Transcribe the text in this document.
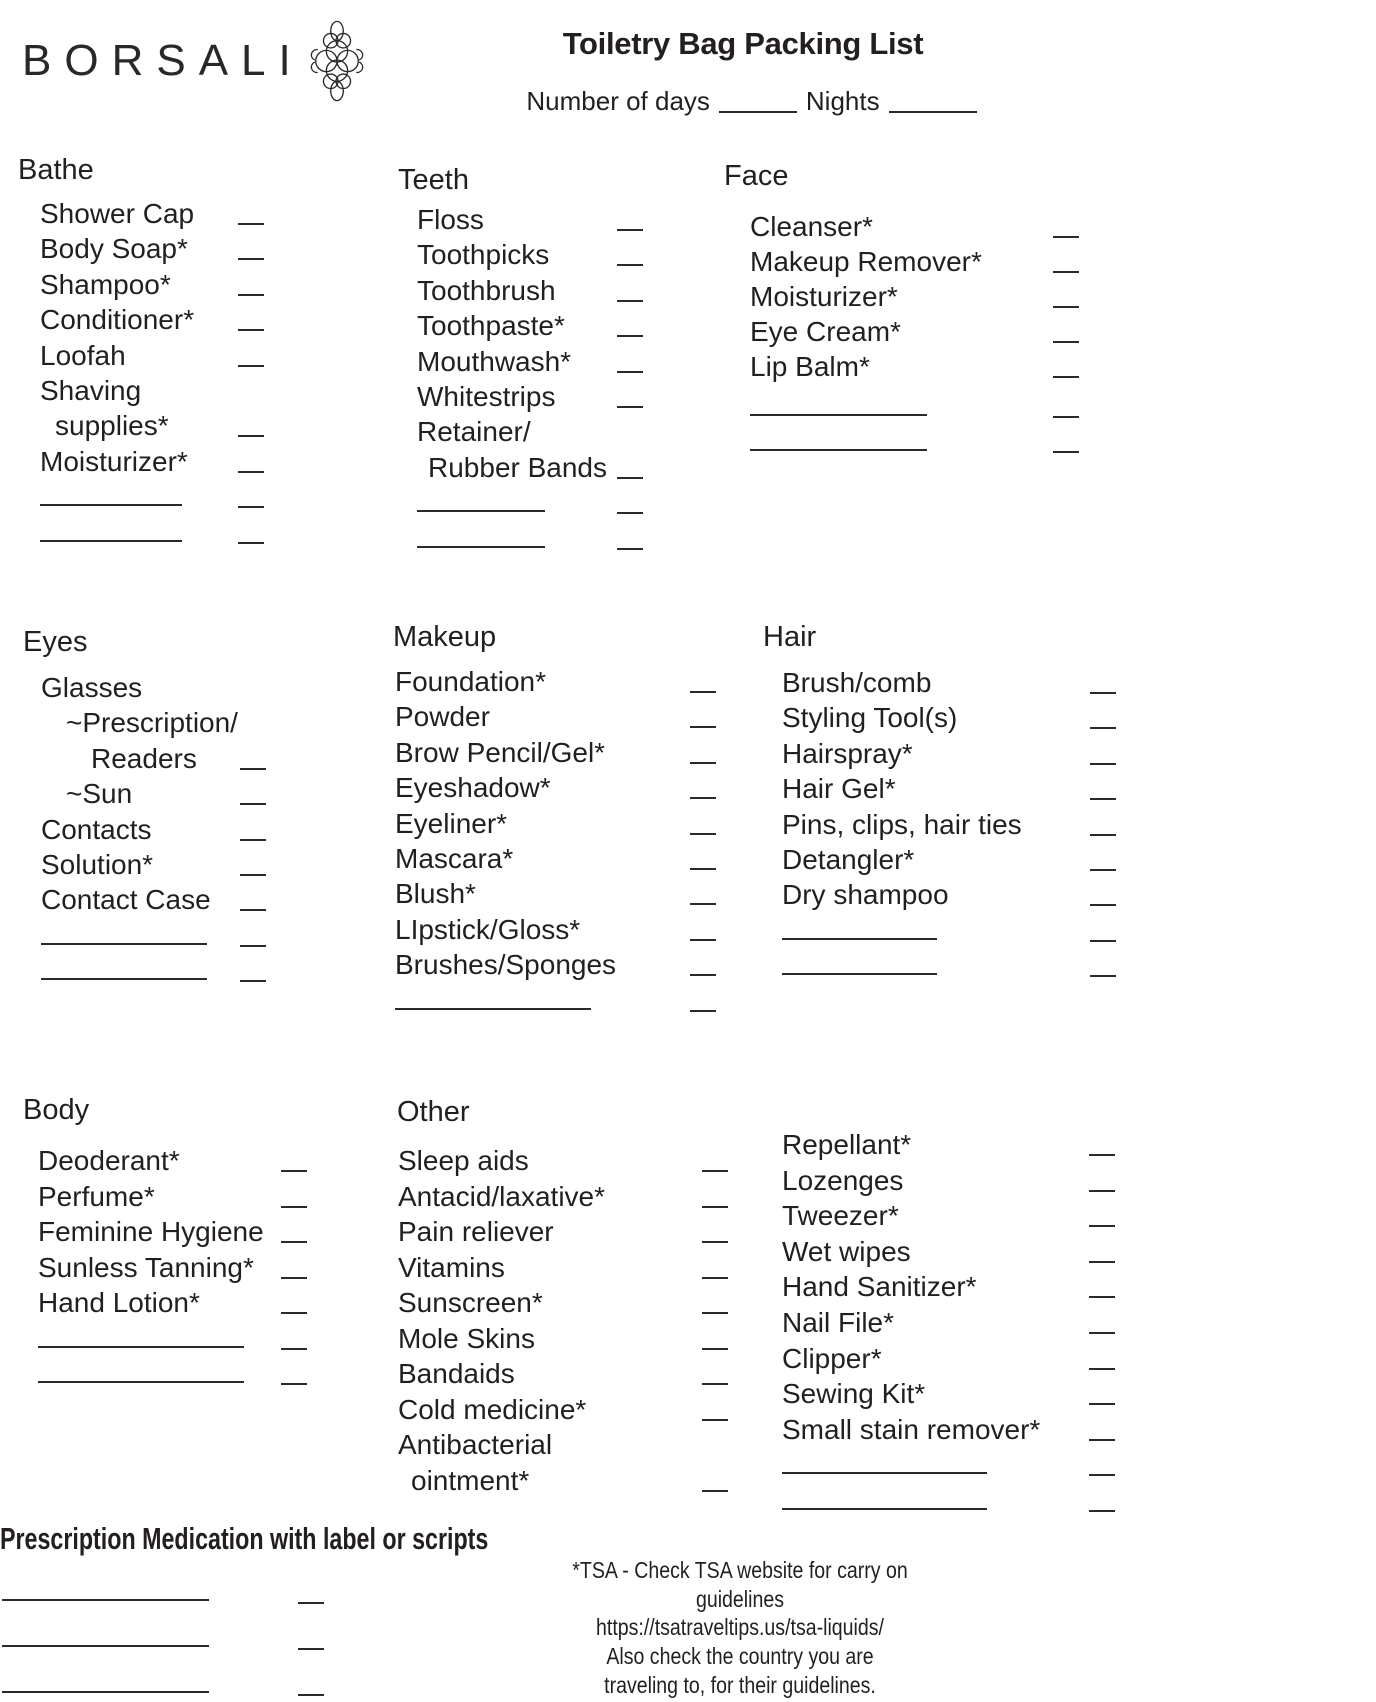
BORSALI	Toiletry Bag Packing List
Number of days	Nights
Prescription Medication with label or scripts
*TSA - Check TSA website for carry on guidelines
https://tsatraveltips.us/tsa-liquids/
Also check the country you are
traveling to, for their guidelines.
Bathe
Shower Cap
Body Soap*
Shampoo*
Conditioner*
Loofah
Shaving
supplies*
Moisturizer*
Teeth
Floss
Toothpicks
Toothbrush
Toothpaste*
Mouthwash*
Whitestrips
Retainer/
Rubber Bands
Face
Cleanser*
Makeup Remover*
Moisturizer*
Eye Cream*
Lip Balm*
Eyes
Glasses
~Prescription/
Readers
~Sun
Contacts
Solution*
Contact Case
Makeup
Foundation*
Powder
Brow Pencil/Gel*
Eyeshadow*
Eyeliner*
Mascara*
Blush*
LIpstick/Gloss*
Brushes/Sponges
Hair
Brush/comb
Styling Tool(s)
Hairspray*
Hair Gel*
Pins, clips, hair ties
Detangler*
Dry shampoo
Body
Deoderant*
Perfume*
Feminine Hygiene
Sunless Tanning*
Hand Lotion*
Other
Sleep aids
Antacid/laxative*
Pain reliever
Vitamins
Sunscreen*
Mole Skins
Bandaids
Cold medicine*
Antibacterial
ointment*
Repellant*
Lozenges
Tweezer*
Wet wipes
Hand Sanitizer*
Nail File*
Clipper*
Sewing Kit*
Small stain remover*
